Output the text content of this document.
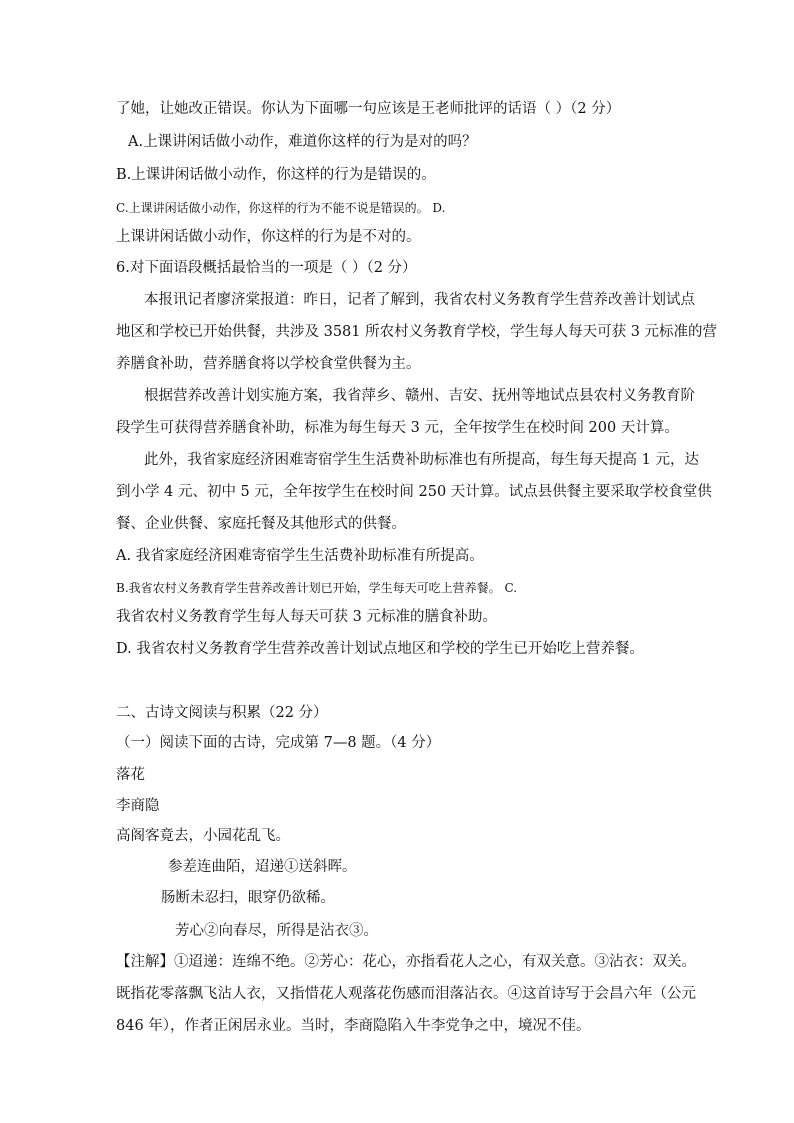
了她，让她改正错误。你认为下面哪一句应该是王老师批评的话语（ ）（2 分）
A.上课讲闲话做小动作，难道你这样的行为是对的吗？
B.上课讲闲话做小动作，你这样的行为是错误的。
C.上课讲闲话做小动作，你这样的行为不能不说是错误的。 D.
上课讲闲话做小动作，你这样的行为是不对的。
6.对下面语段概括最恰当的一项是（ ）（2 分）
本报讯记者廖济棠报道：昨日，记者了解到，我省农村义务教育学生营养改善计划试点
地区和学校已开始供餐，共涉及 3581 所农村义务教育学校，学生每人每天可获 3 元标准的营
养膳食补助，营养膳食将以学校食堂供餐为主。
根据营养改善计划实施方案，我省萍乡、赣州、吉安、抚州等地试点县农村义务教育阶
段学生可获得营养膳食补助，标准为每生每天 3 元，全年按学生在校时间 200 天计算。
此外，我省家庭经济困难寄宿学生生活费补助标准也有所提高，每生每天提高 1 元，达
到小学 4 元、初中 5 元，全年按学生在校时间 250 天计算。试点县供餐主要采取学校食堂供
餐、企业供餐、家庭托餐及其他形式的供餐。
A. 我省家庭经济困难寄宿学生生活费补助标准有所提高。
B.我省农村义务教育学生营养改善计划已开始，学生每天可吃上营养餐。 C.
我省农村义务教育学生每人每天可获 3 元标准的膳食补助。
D. 我省农村义务教育学生营养改善计划试点地区和学校的学生已开始吃上营养餐。
二、古诗文阅读与积累（22 分）
（一）阅读下面的古诗，完成第 7—8 题。（4 分）
落花
李商隐
高阁客竟去，小园花乱飞。
参差连曲陌，迢递①送斜晖。
肠断未忍扫，眼穿仍欲稀。
芳心②向春尽，所得是沾衣③。
【注解】①迢递：连绵不绝。②芳心：花心，亦指看花人之心，有双关意。③沾衣：双关。
既指花零落飘飞沾人衣，又指惜花人观落花伤感而泪落沾衣。④这首诗写于会昌六年（公元
846 年），作者正闲居永业。当时，李商隐陷入牛李党争之中，境况不佳。
